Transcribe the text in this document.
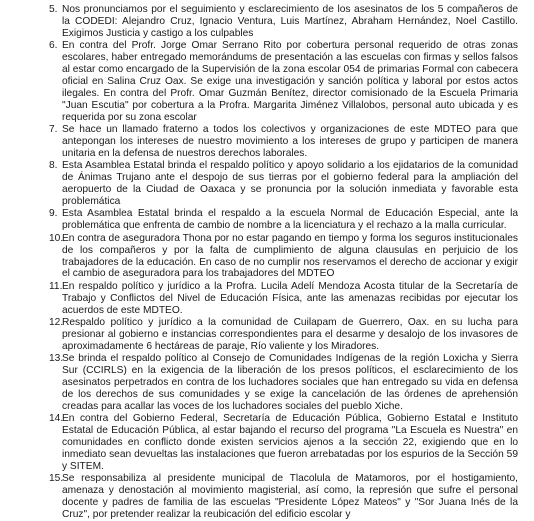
5. Nos pronunciamos por el seguimiento y esclarecimiento de los asesinatos de los 5 compañeros de la CODEDI: Alejandro Cruz, Ignacio Ventura, Luis Martínez, Abraham Hernández, Noel Castillo. Exigimos Justicia y castigo a los culpables
6. En contra del Profr. Jorge Omar Serrano Rito por cobertura personal requerido de otras zonas escolares, haber entregado memorándums de presentación a las escuelas con firmas y sellos falsos al estar como encargado de la Supervisión de la zona escolar 054 de primarias Formal con cabecera oficial en Salina Cruz Oax. Se exige una investigación y sanción política y laboral por estos actos ilegales. En contra del Profr. Omar Guzmán Benítez, director comisionado de la Escuela Primaria "Juan Escutia" por cobertura a la Profra. Margarita Jiménez Villalobos, personal auto ubicada y es requerida por su zona escolar
7. Se hace un llamado fraterno a todos los colectivos y organizaciones de este MDTEO para que antepongan los intereses de nuestro movimiento a los intereses de grupo y participen de manera unitaria en la defensa de nuestros derechos laborales.
8. Esta Asamblea Estatal brinda el respaldo político y apoyo solidario a los ejidatarios de la comunidad de Ánimas Trujano ante el despojo de sus tierras por el gobierno federal para la ampliación del aeropuerto de la Ciudad de Oaxaca y se pronuncia por la solución inmediata y favorable esta problemática
9. Esta Asamblea Estatal brinda el respaldo a la escuela Normal de Educación Especial, ante la problemática que enfrenta de cambio de nombre a la licenciatura y el rechazo a la malla curricular.
10.
En contra de aseguradora Thona por no estar pagando en tiempo y forma los seguros institucionales de los compañeros y por la falta de cumplimiento de alguna clausulas en perjuicio de los trabajadores de la educación. En caso de no cumplir nos reservamos el derecho de accionar y exigir el cambio de aseguradora para los trabajadores del MDTEO
11. En respaldo político y jurídico a la Profra. Lucila Adelí Mendoza Acosta titular de la Secretaría de Trabajo y Conflictos del Nivel de Educación Física, ante las amenazas recibidas por ejecutar los acuerdos de este MDTEO.
12.
Respaldo político y jurídico a la comunidad de Cuilapam de Guerrero, Oax. en su lucha para presionar al gobierno e instancias correspondientes para el desarme y desalojo de los invasores de aproximadamente 6 hectáreas de paraje, Río valiente y los Miradores.
13.
Se brinda el respaldo político al Consejo de Comunidades Indígenas de la región Loxicha y Sierra Sur (CCIRLS) en la exigencia de la liberación de los presos políticos, el esclarecimiento de los asesinatos perpetrados en contra de los luchadores sociales que han entregado su vida en defensa de los derechos de sus comunidades y se exige la cancelación de las órdenes de aprehensión creadas para acallar las voces de los luchadores sociales del pueblo Xiche.
14.
En contra del Gobierno Federal, Secretaría de Educación Pública, Gobierno Estatal e Instituto Estatal de Educación Pública, al estar bajando el recurso del programa "La Escuela es Nuestra" en comunidades en conflicto donde existen servicios ajenos a la sección 22, exigiendo que en lo inmediato sean devueltas las instalaciones que fueron arrebatadas por los espurios de la Sección 59 y SITEM.
15.
Se responsabiliza al presidente municipal de Tlacolula de Matamoros, por el hostigamiento, amenaza y denostación al movimiento magisterial, así como, la represión que sufre el personal docente y padres de familia de las escuelas "Presidente López Mateos" y "Sor Juana Inés de la Cruz", por pretender realizar la reubicación del edificio escolar y
